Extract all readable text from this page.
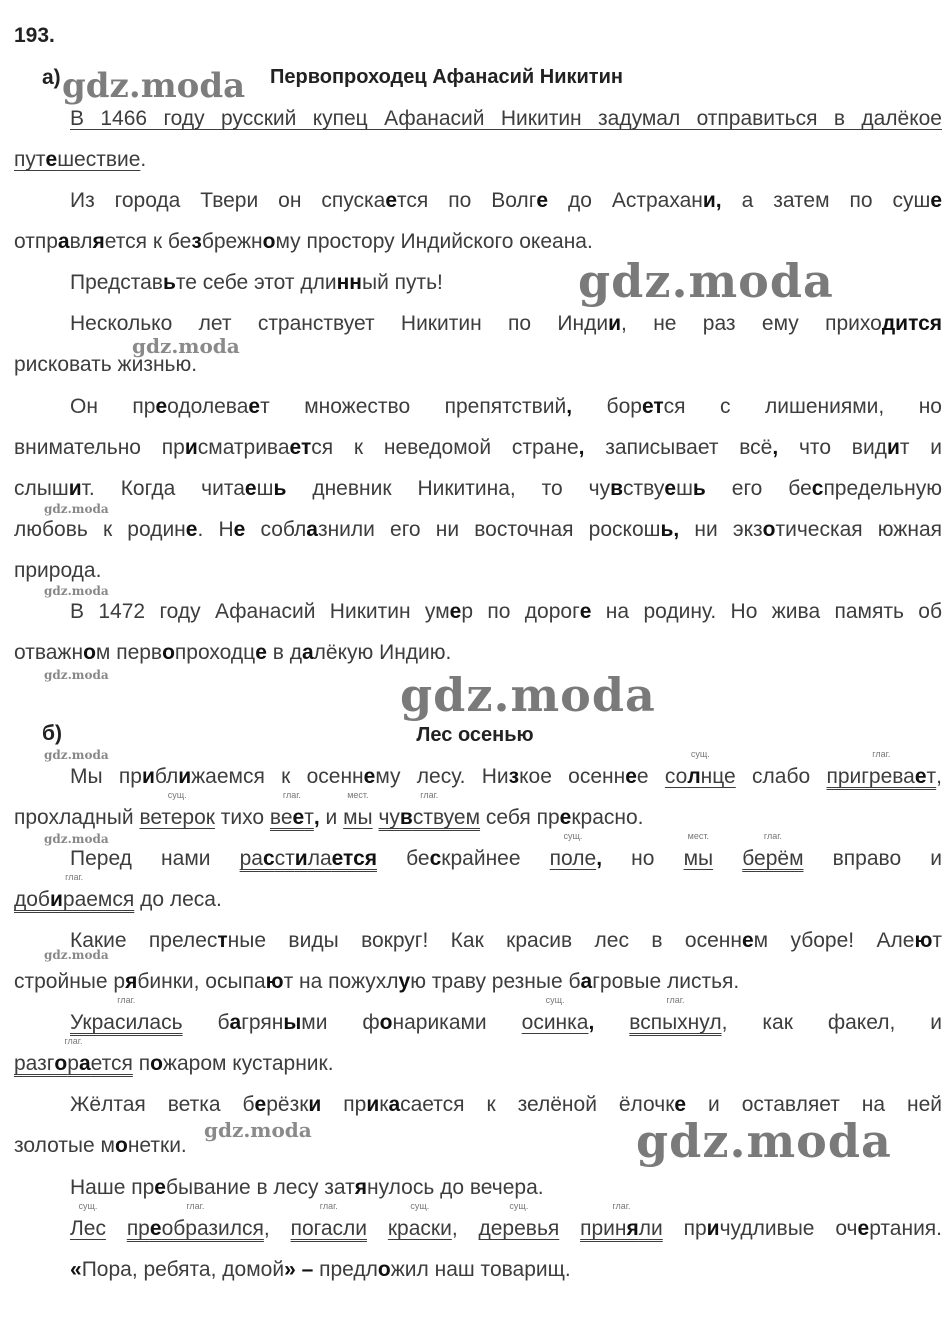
193.
а)	Первопроходец Афанасий Никитин
В 1466 году русский купец Афанасий Никитин задумал отправиться в далёкое
путешествие.
Из города Твери он спускается по Волге до Астрахани, а затем по суше
отправляется к безбрежному простору Индийского океана.
Представьте себе этот длинный путь!
Несколько лет странствует Никитин по Индии, не раз ему приходится
рисковать жизнью.
Он преодолевает множество препятствий, борется с лишениями, но
внимательно присматривается к неведомой стране, записывает всё, что видит и
слышит. Когда читаешь дневник Никитина, то чувствуешь его беспредельную
любовь к родине. Не соблазнили его ни восточная роскошь, ни экзотическая южная
природа.
В 1472 году Афанасий Никитин умер по дороге на родину. Но жива память об
отважном первопроходце в далёкую Индию.
б)	Лес осенью
Мы приближаемся к осеннему лесу. Низкое осеннее
сущ.
солнце слабо
глаг.
пригревает,
прохладный
сущ.
ветерок тихо
глаг.
веет, и
мест.
мы
глаг.
чувствуем себя прекрасно.
Перед нами расстилается бескрайнее
сущ.
поле, но
мест.
мы
глаг.
берём вправо и
глаг.
добираемся до леса.
Какие прелестные виды вокруг! Как красив лес в осеннем уборе! Алеют
стройные рябинки, осыпают на пожухлую траву резные багровые листья.
глаг.
Украсилась багряными фонариками
сущ.
осинка,
глаг.
вспыхнул, как факел, и
глаг.
разгорается пожаром кустарник.
Жёлтая ветка берёзки прикасается к зелёной ёлочке и оставляет на ней
золотые монетки.
Наше пребывание в лесу затянулось до вечера.
сущ.
Лес
глаг.
преобразился,
глаг.
погасли
сущ.
краски,
сущ.
деревья
глаг.
приняли причудливые очертания.
«Пора, ребята, домой» – предложил наш товарищ.
gdz.moda
gdz.moda
gdz.moda
gdz.moda
gdz.moda
gdz.moda	gdz.moda
gdz.moda
gdz.moda
gdz.moda
gdz.moda	gdz.moda
